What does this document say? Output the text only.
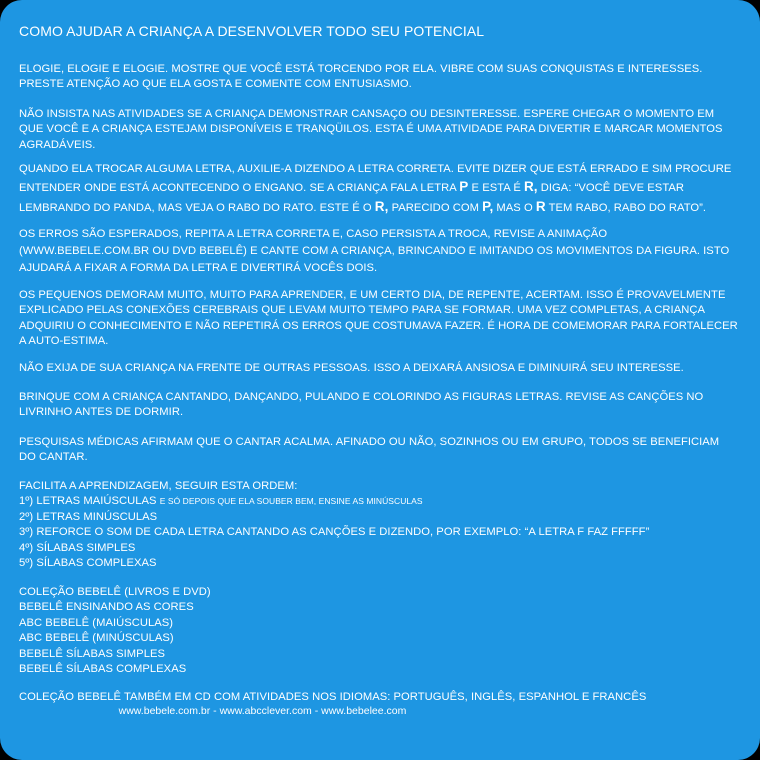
COMO AJUDAR A CRIANÇA A DESENVOLVER TODO SEU POTENCIAL
ELOGIE, ELOGIE E ELOGIE. MOSTRE QUE VOCÊ ESTÁ TORCENDO POR ELA. VIBRE COM SUAS CONQUISTAS E INTERESSES. PRESTE ATENÇÃO AO QUE ELA GOSTA E COMENTE COM ENTUSIASMO.
NÃO INSISTA NAS ATIVIDADES SE A CRIANÇA DEMONSTRAR CANSAÇO OU DESINTERESSE. ESPERE CHEGAR O MOMENTO EM QUE VOCÊ E A CRIANÇA ESTEJAM DISPONÍVEIS E TRANQÜILOS. ESTA É UMA ATIVIDADE PARA DIVERTIR E MARCAR MOMENTOS AGRADÁVEIS.
QUANDO ELA TROCAR ALGUMA LETRA, AUXILIE-A DIZENDO A LETRA CORRETA. EVITE DIZER QUE ESTÁ ERRADO E SIM PROCURE ENTENDER ONDE ESTÁ ACONTECENDO O ENGANO. SE A CRIANÇA FALA LETRA P E ESTA É R, DIGA: “VOCÊ DEVE ESTAR LEMBRANDO DO PANDA, MAS VEJA O RABO DO RATO. ESTE É O R, PARECIDO COM P, MAS O R TEM RABO, RABO DO RATO”.
OS ERROS SÃO ESPERADOS, REPITA A LETRA CORRETA E, CASO PERSISTA A TROCA, REVISE A ANIMAÇÃO (WWW.BEBELE.COM.BR OU DVD BEBELÊ) E CANTE COM A CRIANÇA, BRINCANDO E IMITANDO OS MOVIMENTOS DA FIGURA. ISTO AJUDARÁ A FIXAR A FORMA DA LETRA E DIVERTIRÁ VOCÊS DOIS.
OS PEQUENOS DEMORAM MUITO, MUITO PARA APRENDER, E UM CERTO DIA, DE REPENTE, ACERTAM. ISSO É PROVAVELMENTE EXPLICADO PELAS CONEXÕES CEREBRAIS QUE LEVAM MUITO TEMPO PARA SE FORMAR. UMA VEZ COMPLETAS, A CRIANÇA ADQUIRIU O CONHECIMENTO E NÃO REPETIRÁ OS ERROS QUE COSTUMAVA FAZER. É HORA DE COMEMORAR PARA FORTALECER A AUTO-ESTIMA.
NÃO EXIJA DE SUA CRIANÇA NA FRENTE DE OUTRAS PESSOAS. ISSO A DEIXARÁ ANSIOSA E DIMINUIRÁ SEU INTERESSE.
BRINQUE COM A CRIANÇA CANTANDO, DANÇANDO, PULANDO E COLORINDO AS FIGURAS LETRAS. REVISE AS CANÇÕES NO LIVRINHO ANTES DE DORMIR.
PESQUISAS MÉDICAS AFIRMAM QUE O CANTAR ACALMA. AFINADO OU NÃO, SOZINHOS OU EM GRUPO, TODOS SE BENEFICIAM DO CANTAR.
FACILITA A APRENDIZAGEM, SEGUIR ESTA ORDEM:
1º) LETRAS MAIÚSCULAS E SÓ DEPOIS QUE ELA SOUBER BEM, ENSINE AS MINÚSCULAS
2º) LETRAS MINÚSCULAS
3º) REFORCE O SOM DE CADA LETRA CANTANDO AS CANÇÕES E DIZENDO, POR EXEMPLO: “A LETRA F FAZ FFFFF”
4º) SÍLABAS SIMPLES
5º) SÍLABAS COMPLEXAS
COLEÇÃO BEBELÊ (LIVROS E DVD)
BEBELÊ ENSINANDO AS CORES
ABC BEBELÊ (MAIÚSCULAS)
ABC BEBELÊ (MINÚSCULAS)
BEBELÊ SÍLABAS SIMPLES
BEBELÊ SÍLABAS COMPLEXAS
COLEÇÃO BEBELÊ TAMBÉM EM CD COM ATIVIDADES NOS IDIOMAS: PORTUGUÊS, INGLÊS, ESPANHOL E FRANCÊS
www.bebele.com.br - www.abcclever.com - www.bebelee.com
